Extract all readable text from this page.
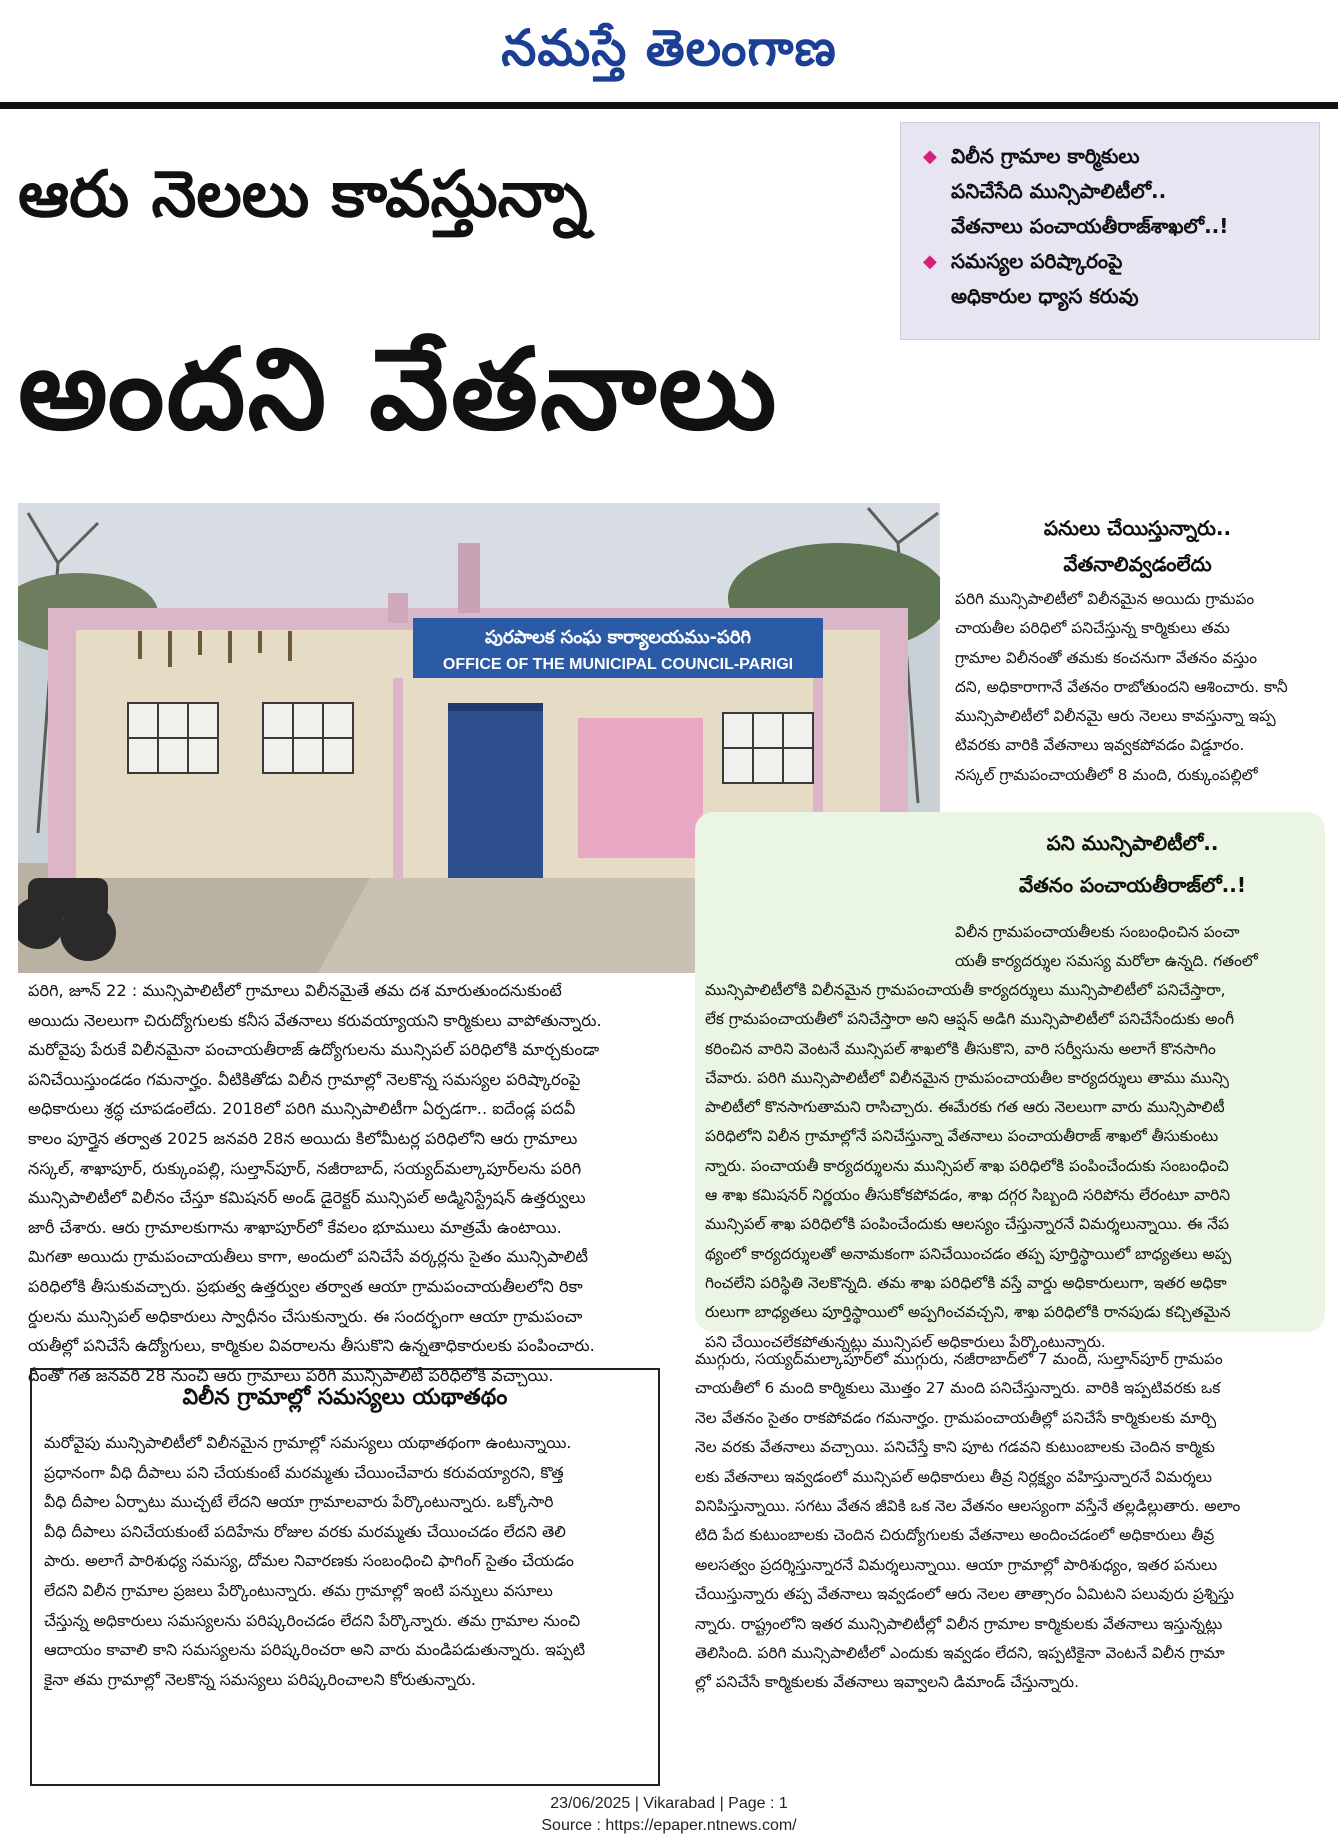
నమస్తే తెలంగాణ
ఆరు నెలలు కావస్తున్నా
అందని వేతనాలు
◆ విలీన గ్రామాల కార్మికులు
పనిచేసేది మున్సిపాలిటీలో..
వేతనాలు పంచాయతీరాజ్‌శాఖలో..!
◆ సమస్యల పరిష్కారంపై
అధికారుల ధ్యాస కరువు
పురపాలక సంఘ కార్యాలయము-పరిగి
OFFICE OF THE MUNICIPAL COUNCIL-PARIGI
పనులు చేయిస్తున్నారు..
వేతనాలివ్వడంలేదు
పరిగి మున్సిపాలిటీలో విలీనమైన అయిదు గ్రామపం
చాయతీల పరిధిలో పనిచేస్తున్న కార్మికులు తమ
గ్రామాల విలీనంతో తమకు కంచనుగా వేతనం వస్తుం
దని, అధికారాగానే వేతనం రాబోతుందని ఆశించారు. కానీ
మున్సిపాలిటీలో విలీనమై ఆరు నెలలు కావస్తున్నా ఇప్ప
టివరకు వారికి వేతనాలు ఇవ్వకపోవడం విడ్డూరం.
నస్కల్ గ్రామపంచాయతీలో 8 మంది, రుక్కుంపల్లిలో
పని మున్సిపాలిటీలో..
వేతనం పంచాయతీరాజ్‌లో..!
విలీన గ్రామపంచాయతీలకు సంబంధించిన పంచా
యతీ కార్యదర్శుల సమస్య మరోలా ఉన్నది. గతంలో
మున్సిపాలిటీలోకి విలీనమైన గ్రామపంచాయతీ కార్యదర్శులు మున్సిపాలిటీలో పనిచేస్తారా,
లేక గ్రామపంచాయతీలో పనిచేస్తారా అని ఆప్షన్ అడిగి మున్సిపాలిటీలో పనిచేసేందుకు అంగీ
కరించిన వారిని వెంటనే మున్సిపల్ శాఖలోకి తీసుకొని, వారి సర్వీసును అలాగే కొనసాగిం
చేవారు. పరిగి మున్సిపాలిటీలో విలీనమైన గ్రామపంచాయతీల కార్యదర్శులు తాము మున్సి
పాలిటీలో కొనసాగుతామని రాసిచ్చారు. ఈమేరకు గత ఆరు నెలలుగా వారు మున్సిపాలిటీ
పరిధిలోని విలీన గ్రామాల్లోనే పనిచేస్తున్నా వేతనాలు పంచాయతీరాజ్ శాఖలో తీసుకుంటు
న్నారు. పంచాయతీ కార్యదర్శులను మున్సిపల్ శాఖ పరిధిలోకి పంపించేందుకు సంబంధించి
ఆ శాఖ కమిషనర్ నిర్ణయం తీసుకోకపోవడం, శాఖ దగ్గర సిబ్బంది సరిపోను లేరంటూ వారిని
మున్సిపల్ శాఖ పరిధిలోకి పంపించేందుకు ఆలస్యం చేస్తున్నారనే విమర్శలున్నాయి. ఈ నేప
థ్యంలో కార్యదర్శులతో అనామకంగా పనిచేయించడం తప్ప పూర్తిస్థాయిలో బాధ్యతలు అప్ప
గించలేని పరిస్థితి నెలకొన్నది. తమ శాఖ పరిధిలోకి వస్తే వార్డు అధికారులుగా, ఇతర అధికా
రులుగా బాధ్యతలు పూర్తిస్థాయిలో అప్పగించవచ్చని, శాఖ పరిధిలోకి రానపుడు కచ్చితమైన
పని చేయించలేకపోతున్నట్లు మున్సిపల్ అధికారులు పేర్కొంటున్నారు.
పరిగి, జూన్ 22 : మున్సిపాలిటీలో గ్రామాలు విలీనమైతే తమ దశ మారుతుందనుకుంటే
అయిదు నెలలుగా చిరుద్యోగులకు కనీస వేతనాలు కరువయ్యాయని కార్మికులు వాపోతున్నారు.
మరోవైపు పేరుకే విలీనమైనా పంచాయతీరాజ్ ఉద్యోగులను మున్సిపల్ పరిధిలోకి మార్చకుండా
పనిచేయిస్తుండడం గమనార్హం. వీటికితోడు విలీన గ్రామాల్లో నెలకొన్న సమస్యల పరిష్కారంపై
అధికారులు శ్రద్ధ చూపడంలేదు. 2018లో పరిగి మున్సిపాలిటీగా ఏర్పడగా.. ఐదేండ్ల పదవీ
కాలం పూర్తైన తర్వాత 2025 జనవరి 28న అయిదు కిలోమీటర్ల పరిధిలోని ఆరు గ్రామాలు
నస్కల్, శాఖాపూర్, రుక్కుంపల్లి, సుల్తాన్‌పూర్, నజీరాబాద్, సయ్యద్‌మల్కాపూర్‌లను పరిగి
మున్సిపాలిటీలో విలీనం చేస్తూ కమిషనర్ అండ్ డైరెక్టర్ మున్సిపల్ అడ్మినిస్ట్రేషన్ ఉత్తర్వులు
జారీ చేశారు. ఆరు గ్రామాలకుగాను శాఖాపూర్‌లో కేవలం భూములు మాత్రమే ఉంటాయి.
మిగతా అయిదు గ్రామపంచాయతీలు కాగా, అందులో పనిచేసే వర్కర్లను సైతం మున్సిపాలిటీ
పరిధిలోకి తీసుకువచ్చారు. ప్రభుత్వ ఉత్తర్వుల తర్వాత ఆయా గ్రామపంచాయతీలలోని రికా
ర్డులను మున్సిపల్ అధికారులు స్వాధీనం చేసుకున్నారు. ఈ సందర్భంగా ఆయా గ్రామపంచా
యతీల్లో పనిచేసే ఉద్యోగులు, కార్మికుల వివరాలను తీసుకొని ఉన్నతాధికారులకు పంపించారు.
దీంతో గత జనవరి 28 నుంచి ఆరు గ్రామాలు పరిగి మున్సిపాలిటీ పరిధిలోకి వచ్చాయి.
విలీన గ్రామాల్లో సమస్యలు యథాతథం
మరోవైపు మున్సిపాలిటీలో విలీనమైన గ్రామాల్లో సమస్యలు యథాతథంగా ఉంటున్నాయి.
ప్రధానంగా వీధి దీపాలు పని చేయకుంటే మరమ్మతు చేయించేవారు కరువయ్యారని, కొత్త
వీధి దీపాల ఏర్పాటు ముచ్చటే లేదని ఆయా గ్రామాలవారు పేర్కొంటున్నారు. ఒక్కోసారి
వీధి దీపాలు పనిచేయకుంటే పదిహేను రోజుల వరకు మరమ్మతు చేయించడం లేదని తెలి
పారు. అలాగే పారిశుధ్య సమస్య, దోమల నివారణకు సంబంధించి ఫాగింగ్ సైతం చేయడం
లేదని విలీన గ్రామాల ప్రజలు పేర్కొంటున్నారు. తమ గ్రామాల్లో ఇంటి పన్నులు వసూలు
చేస్తున్న అధికారులు సమస్యలను పరిష్కరించడం లేదని పేర్కొన్నారు. తమ గ్రామాల నుంచి
ఆదాయం కావాలి కాని సమస్యలను పరిష్కరించరా అని వారు మండిపడుతున్నారు. ఇప్పటి
కైనా తమ గ్రామాల్లో నెలకొన్న సమస్యలు పరిష్కరించాలని కోరుతున్నారు.
ముగ్గురు, సయ్యద్‌మల్కాపూర్‌లో ముగ్గురు, నజీరాబాద్‌లో 7 మంది, సుల్తాన్‌పూర్ గ్రామపం
చాయతీలో 6 మంది కార్మికులు మొత్తం 27 మంది పనిచేస్తున్నారు. వారికి ఇప్పటివరకు ఒక
నెల వేతనం సైతం రాకపోవడం గమనార్హం. గ్రామపంచాయతీల్లో పనిచేసే కార్మికులకు మార్చి
నెల వరకు వేతనాలు వచ్చాయి. పనిచేస్తే కాని పూట గడవని కుటుంబాలకు చెందిన కార్మికు
లకు వేతనాలు ఇవ్వడంలో మున్సిపల్ అధికారులు తీవ్ర నిర్లక్ష్యం వహిస్తున్నారనే విమర్శలు
వినిపిస్తున్నాయి. సగటు వేతన జీవికి ఒక నెల వేతనం ఆలస్యంగా వస్తేనే తల్లడిల్లుతారు. అలాం
టిది పేద కుటుంబాలకు చెందిన చిరుద్యోగులకు వేతనాలు అందించడంలో అధికారులు తీవ్ర
అలసత్వం ప్రదర్శిస్తున్నారనే విమర్శలున్నాయి. ఆయా గ్రామాల్లో పారిశుధ్యం, ఇతర పనులు
చేయిస్తున్నారు తప్ప వేతనాలు ఇవ్వడంలో ఆరు నెలల తాత్సారం ఏమిటని పలువురు ప్రశ్నిస్తు
న్నారు. రాష్ట్రంలోని ఇతర మున్సిపాలిటీల్లో విలీన గ్రామాల కార్మికులకు వేతనాలు ఇస్తున్నట్లు
తెలిసింది. పరిగి మున్సిపాలిటీలో ఎందుకు ఇవ్వడం లేదని, ఇప్పటికైనా వెంటనే విలీన గ్రామా
ల్లో పనిచేసే కార్మికులకు వేతనాలు ఇవ్వాలని డిమాండ్ చేస్తున్నారు.
23/06/2025 | Vikarabad | Page : 1
Source : https://epaper.ntnews.com/
